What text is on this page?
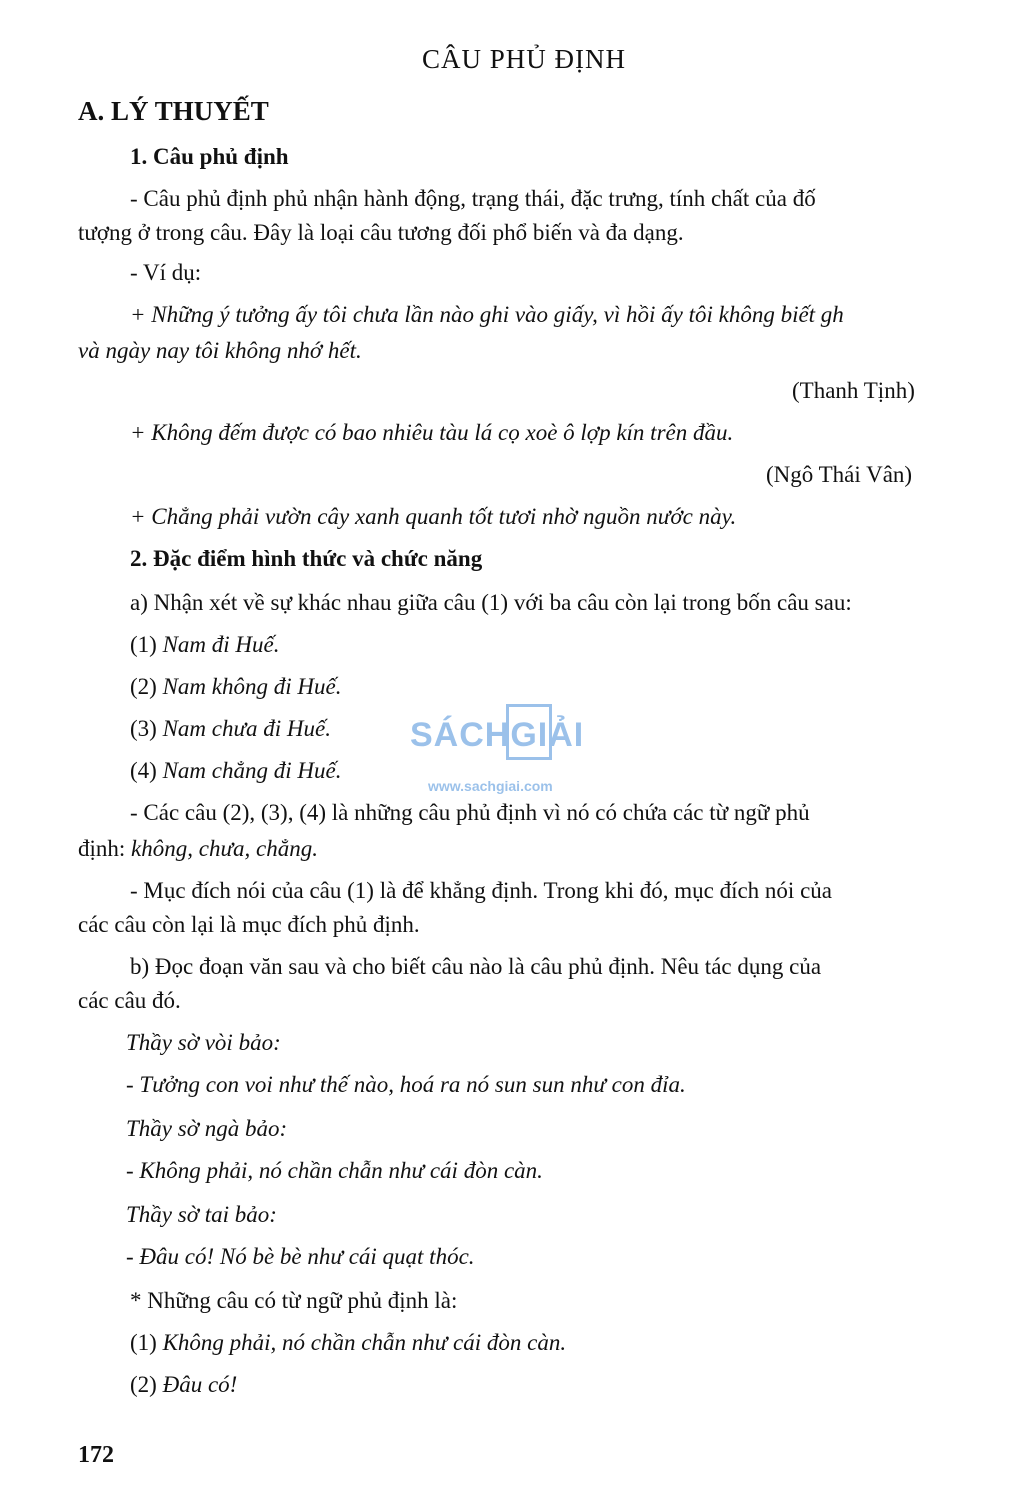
CÂU PHỦ ĐỊNH
A. LÝ THUYẾT
1. Câu phủ định
- Câu phủ định phủ nhận hành động, trạng thái, đặc trưng, tính chất của đố
tượng ở trong câu. Đây là loại câu tương đối phổ biến và đa dạng.
- Ví dụ:
+ Những ý tưởng ấy tôi chưa lần nào ghi vào giấy, vì hồi ấy tôi không biết gh
và ngày nay tôi không nhớ hết.
(Thanh Tịnh)
+ Không đếm được có bao nhiêu tàu lá cọ xoè ô lợp kín trên đầu.
(Ngô Thái Vân)
+ Chẳng phải vườn cây xanh quanh tốt tươi nhờ nguồn nước này.
2. Đặc điểm hình thức và chức năng
a) Nhận xét về sự khác nhau giữa câu (1) với ba câu còn lại trong bốn câu sau:
(1) Nam đi Huế.
(2) Nam không đi Huế.
(3) Nam chưa đi Huế.
(4) Nam chẳng đi Huế.
- Các câu (2), (3), (4) là những câu phủ định vì nó có chứa các từ ngữ phủ
định: không, chưa, chẳng.
- Mục đích nói của câu (1) là để khẳng định. Trong khi đó, mục đích nói của
các câu còn lại là mục đích phủ định.
b) Đọc đoạn văn sau và cho biết câu nào là câu phủ định. Nêu tác dụng của
các câu đó.
Thầy sờ vòi bảo:
- Tưởng con voi như thế nào, hoá ra nó sun sun như con đỉa.
Thầy sờ ngà bảo:
- Không phải, nó chần chẫn như cái đòn càn.
Thầy sờ tai bảo:
- Đâu có! Nó bè bè như cái quạt thóc.
* Những câu có từ ngữ phủ định là:
(1) Không phải, nó chần chẫn như cái đòn càn.
(2) Đâu có!
172
SÁCHGIẢI
www.sachgiai.com
